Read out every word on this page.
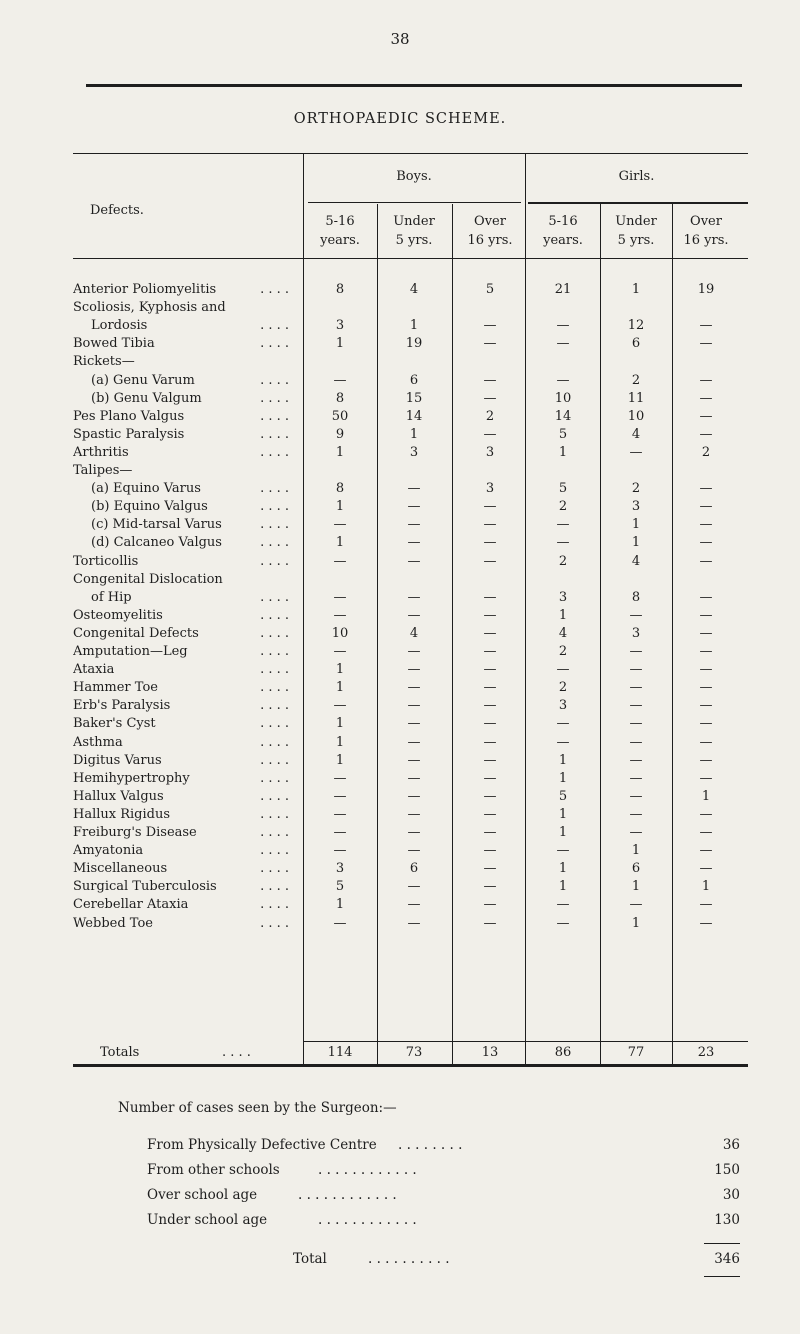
38
ORTHOPAEDIC SCHEME.
Defects.
Boys.	Girls.
5-16
years.
Under
5 yrs.
Over
16 yrs.
5-16
years.
Under
5 yrs.
Over
16 yrs.
Anterior Poliomyelitis	. . . .	8	4	5	21	1	19
Scoliosis, Kyphosis and
Lordosis	. . . .	3	1	—	—	12	—
Bowed Tibia	. . . .	1	19	—	—	6	—
Rickets—
(a) Genu Varum	. . . .	—	6	—	—	2	—
(b) Genu Valgum	. . . .	8	15	—	10	11	—
Pes Plano Valgus	. . . .	50	14	2	14	10	—
Spastic Paralysis	. . . .	9	1	—	5	4	—
Arthritis	. . . .	1	3	3	1	—	2
Talipes—
(a) Equino Varus	. . . .	8	—	3	5	2	—
(b) Equino Valgus	. . . .	1	—	—	2	3	—
(c) Mid-tarsal Varus	. . . .	—	—	—	—	1	—
(d) Calcaneo Valgus	. . . .	1	—	—	—	1	—
Torticollis	. . . .	—	—	—	2	4	—
Congenital Dislocation
of Hip	. . . .	—	—	—	3	8	—
Osteomyelitis	. . . .	—	—	—	1	—	—
Congenital Defects	. . . .	10	4	—	4	3	—
Amputation—Leg	. . . .	—	—	—	2	—	—
Ataxia	. . . .	1	—	—	—	—	—
Hammer Toe	. . . .	1	—	—	2	—	—
Erb's Paralysis	. . . .	—	—	—	3	—	—
Baker's Cyst	. . . .	1	—	—	—	—	—
Asthma	. . . .	1	—	—	—	—	—
Digitus Varus	. . . .	1	—	—	1	—	—
Hemihypertrophy	. . . .	—	—	—	1	—	—
Hallux Valgus	. . . .	—	—	—	5	—	1
Hallux Rigidus	. . . .	—	—	—	1	—	—
Freiburg's Disease	. . . .	—	—	—	1	—	—
Amyatonia	. . . .	—	—	—	—	1	—
Miscellaneous	. . . .	3	6	—	1	6	—
Surgical Tuberculosis	. . . .	5	—	—	1	1	1
Cerebellar Ataxia	. . . .	1	—	—	—	—	—
Webbed Toe	. . . .	—	—	—	—	1	—
Totals	. . . .	114	73	13	86	77	23
Number of cases seen by the Surgeon:—
From Physically Defective Centre . . . . . . . .	36
From other schools	. . . . . . . . . . . .	150
Over school age	. . . . . . . . . . . .	30
Under school age	. . . . . . . . . . . .	130
Total	. . . . . . . . . .	346
